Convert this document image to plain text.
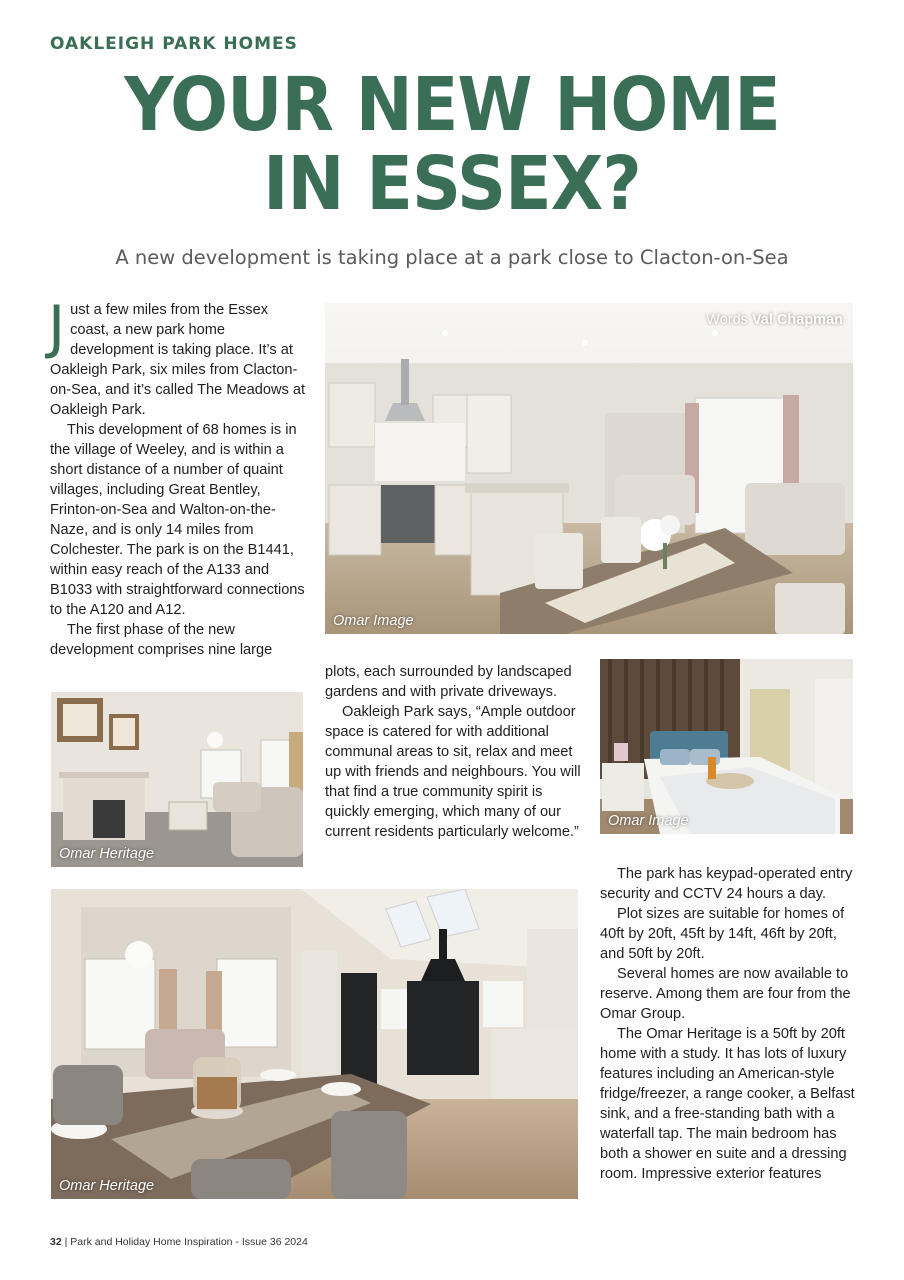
OAKLEIGH PARK HOMES
YOUR NEW HOME
IN ESSEX?
A new development is taking place at a park close to Clacton-on-Sea

Just a few miles from the Essex coast, a new park home development is taking place. It’s at Oakleigh Park, six miles from Clacton-on-Sea, and it’s called The Meadows at Oakleigh Park.

This development of 68 homes is in the village of Weeley, and is within a short distance of a number of quaint villages, including Great Bentley, Frinton-on-Sea and Walton-on-the-Naze, and is only 14 miles from Colchester. The park is on the B1441, within easy reach of the A133 and B1033 with straightforward connections to the A120 and A12.

The first phase of the new development comprises nine large

Words Val Chapman
Omar Image
Omar Heritage

plots, each surrounded by landscaped gardens and with private driveways.

Oakleigh Park says, “Ample outdoor space is catered for with additional communal areas to sit, relax and meet up with friends and neighbours. You will that find a true community spirit is quickly emerging, which many of our current residents particularly welcome.”

Omar Image
Omar Heritage

The park has keypad-operated entry security and CCTV 24 hours a day.

Plot sizes are suitable for homes of 40ft by 20ft, 45ft by 14ft, 46ft by 20ft, and 50ft by 20ft.

Several homes are now available to reserve. Among them are four from the Omar Group.

The Omar Heritage is a 50ft by 20ft home with a study. It has lots of luxury features including an American-style fridge/freezer, a range cooker, a Belfast sink, and a free-standing bath with a waterfall tap. The main bedroom has both a shower en suite and a dressing room. Impressive exterior features

32 | Park and Holiday Home Inspiration - Issue 36 2024
